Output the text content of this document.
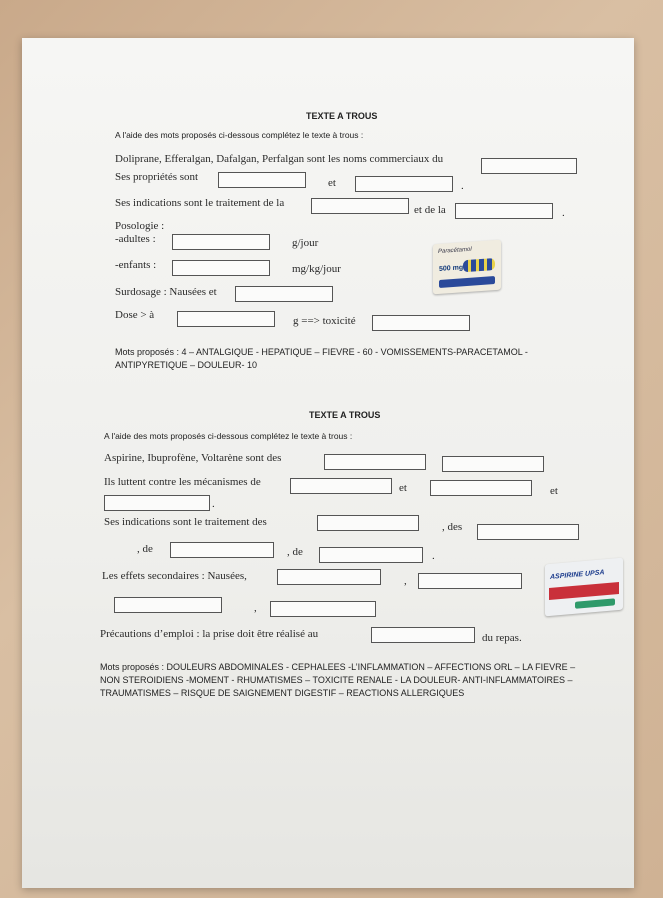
TEXTE A TROUS
A l'aide des mots proposés ci-dessous complétez le texte à trous :
Doliprane, Efferalgan, Dafalgan, Perfalgan sont les noms commerciaux du
Ses propriétés sont	et	.
Ses indications sont le traitement de la
et de la	.
Posologie :
-adultes :	g/jour
-enfants :	mg/kg/jour
Surdosage : Nausées et
Dose > à	g ==> toxicité
Mots proposés : 4 – ANTALGIQUE - HEPATIQUE – FIEVRE - 60 - VOMISSEMENTS-PARACETAMOL - ANTIPYRETIQUE – DOULEUR- 10
TEXTE A TROUS
A l'aide des mots proposés ci-dessous complétez le texte à trous :
Aspirine, Ibuprofène, Voltarène sont des
Ils luttent contre les mécanismes de	et	et
.
Ses indications sont le traitement des	, des
, de	, de	.
Les effets secondaires : Nausées,	,
,
Précautions d’emploi : la prise doit être réalisé au	du repas.
Mots proposés : DOULEURS ABDOMINALES - CEPHALEES -L’INFLAMMATION – AFFECTIONS ORL – LA FIEVRE – NON STEROIDIENS -MOMENT - RHUMATISMES – TOXICITE RENALE - LA DOULEUR- ANTI-INFLAMMATOIRES – TRAUMATISMES – RISQUE DE SAIGNEMENT DIGESTIF – REACTIONS ALLERGIQUES
Paracétamol
500 mg
ASPIRINE UPSA
